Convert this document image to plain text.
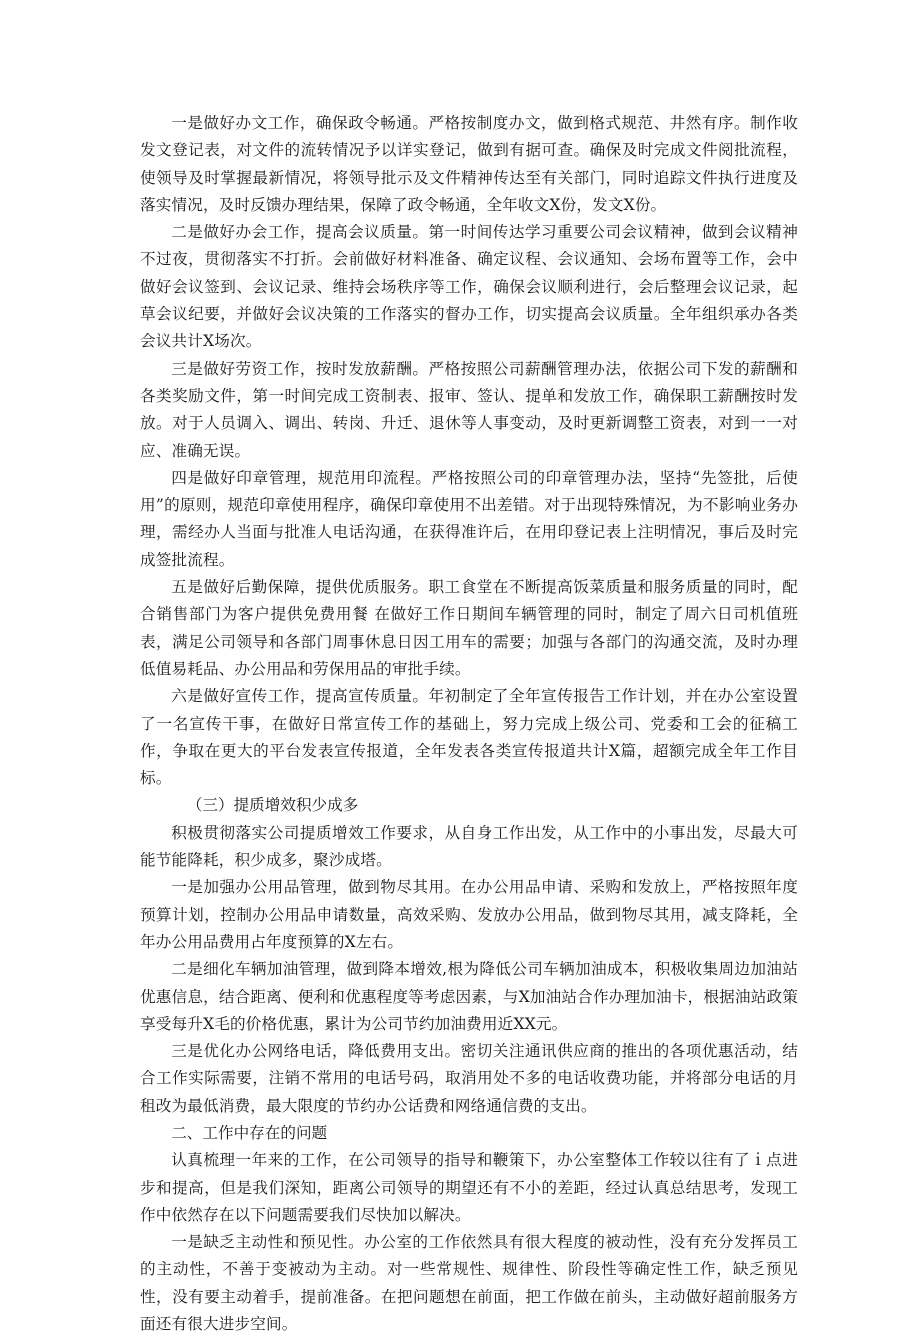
一是做好办文工作，确保政令畅通。严格按制度办文，做到格式规范、井然有序。制作收发文登记表，对文件的流转情况予以详实登记，做到有据可查。确保及时完成文件阅批流程，使领导及时掌握最新情况，将领导批示及文件精神传达至有关部门，同时追踪文件执行进度及落实情况，及时反馈办理结果，保障了政令畅通，全年收文X份，发文X份。

二是做好办会工作，提高会议质量。第一时间传达学习重要公司会议精神，做到会议精神不过夜，贯彻落实不打折。会前做好材料准备、确定议程、会议通知、会场布置等工作，会中做好会议签到、会议记录、维持会场秩序等工作，确保会议顺利进行，会后整理会议记录，起草会议纪要，并做好会议决策的工作落实的督办工作，切实提高会议质量。全年组织承办各类会议共计X场次。

三是做好劳资工作，按时发放薪酬。严格按照公司薪酬管理办法，依据公司下发的薪酬和各类奖励文件，第一时间完成工资制表、报审、签认、提单和发放工作，确保职工薪酬按时发放。对于人员调入、调出、转岗、升迁、退休等人事变动，及时更新调整工资表，对到一一对应、准确无误。

四是做好印章管理，规范用印流程。严格按照公司的印章管理办法，坚持“先签批，后使用”的原则，规范印章使用程序，确保印章使用不出差错。对于出现特殊情况，为不影响业务办理，需经办人当面与批准人电话沟通，在获得准许后，在用印登记表上注明情况，事后及时完成签批流程。

五是做好后勤保障，提供优质服务。职工食堂在不断提高饭菜质量和服务质量的同时，配合销售部门为客户提供免费用餐 在做好工作日期间车辆管理的同时，制定了周六日司机值班表，满足公司领导和各部门周事休息日因工用车的需要；加强与各部门的沟通交流，及时办理低值易耗品、办公用品和劳保用品的审批手续。

六是做好宣传工作，提高宣传质量。年初制定了全年宣传报告工作计划，并在办公室设置了一名宣传干事，在做好日常宣传工作的基础上，努力完成上级公司、党委和工会的征稿工作，争取在更大的平台发表宣传报道，全年发表各类宣传报道共计X篇，超额完成全年工作目标。

（三）提质增效积少成多

积极贯彻落实公司提质增效工作要求，从自身工作出发，从工作中的小事出发，尽最大可能节能降耗，积少成多，聚沙成塔。

一是加强办公用品管理，做到物尽其用。在办公用品申请、采购和发放上，严格按照年度预算计划，控制办公用品申请数量，高效采购、发放办公用品，做到物尽其用，减支降耗，全年办公用品费用占年度预算的X左右。

二是细化车辆加油管理，做到降本增效,根为降低公司车辆加油成本，积极收集周边加油站优惠信息，结合距离、便利和优惠程度等考虑因素，与X加油站合作办理加油卡，根据油站政策享受每升X毛的价格优惠，累计为公司节约加油费用近XX元。

三是优化办公网络电话，降低费用支出。密切关注通讯供应商的推出的各项优惠活动，结合工作实际需要，注销不常用的电话号码，取消用处不多的电话收费功能，并将部分电话的月租改为最低消费，最大限度的节约办公话费和网络通信费的支出。

二、工作中存在的问题

认真梳理一年来的工作，在公司领导的指导和鞭策下，办公室整体工作较以往有了ｉ点进步和提高，但是我们深知，距离公司领导的期望还有不小的差距，经过认真总结思考，发现工作中依然存在以下问题需要我们尽快加以解决。

一是缺乏主动性和预见性。办公室的工作依然具有很大程度的被动性，没有充分发挥员工的主动性，不善于变被动为主动。对一些常规性、规律性、阶段性等确定性工作，缺乏预见性，没有要主动着手，提前准备。在把问题想在前面，把工作做在前头，主动做好超前服务方面还有很大进步空间。
